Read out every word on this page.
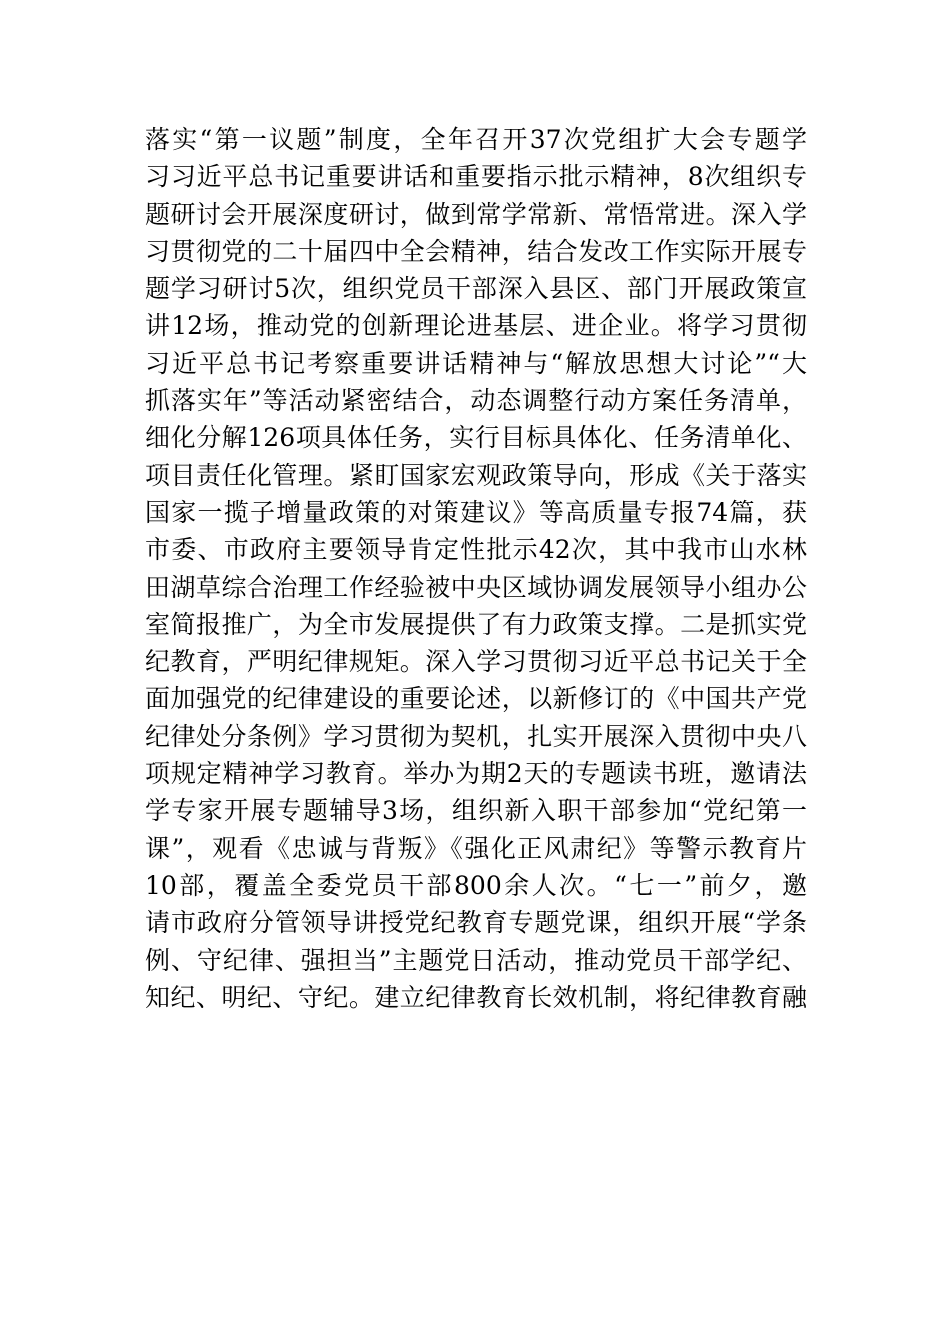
落实“第一议题”制度，全年召开37次党组扩大会专题学
习习近平总书记重要讲话和重要指示批示精神，8次组织专
题研讨会开展深度研讨，做到常学常新、常悟常进。深入学
习贯彻党的二十届四中全会精神，结合发改工作实际开展专
题学习研讨5次，组织党员干部深入县区、部门开展政策宣
讲12场，推动党的创新理论进基层、进企业。将学习贯彻
习近平总书记考察重要讲话精神与“解放思想大讨论”“大
抓落实年”等活动紧密结合，动态调整行动方案任务清单，
细化分解126项具体任务，实行目标具体化、任务清单化、
项目责任化管理。紧盯国家宏观政策导向，形成《关于落实
国家一揽子增量政策的对策建议》等高质量专报74篇，获
市委、市政府主要领导肯定性批示42次，其中我市山水林
田湖草综合治理工作经验被中央区域协调发展领导小组办公
室简报推广，为全市发展提供了有力政策支撑。二是抓实党
纪教育，严明纪律规矩。深入学习贯彻习近平总书记关于全
面加强党的纪律建设的重要论述，以新修订的《中国共产党
纪律处分条例》学习贯彻为契机，扎实开展深入贯彻中央八
项规定精神学习教育。举办为期2天的专题读书班，邀请法
学专家开展专题辅导3场，组织新入职干部参加“党纪第一
课”，观看《忠诚与背叛》《强化正风肃纪》等警示教育片
10部，覆盖全委党员干部800余人次。“七一”前夕，邀
请市政府分管领导讲授党纪教育专题党课，组织开展“学条
例、守纪律、强担当”主题党日活动，推动党员干部学纪、
知纪、明纪、守纪。建立纪律教育长效机制，将纪律教育融
